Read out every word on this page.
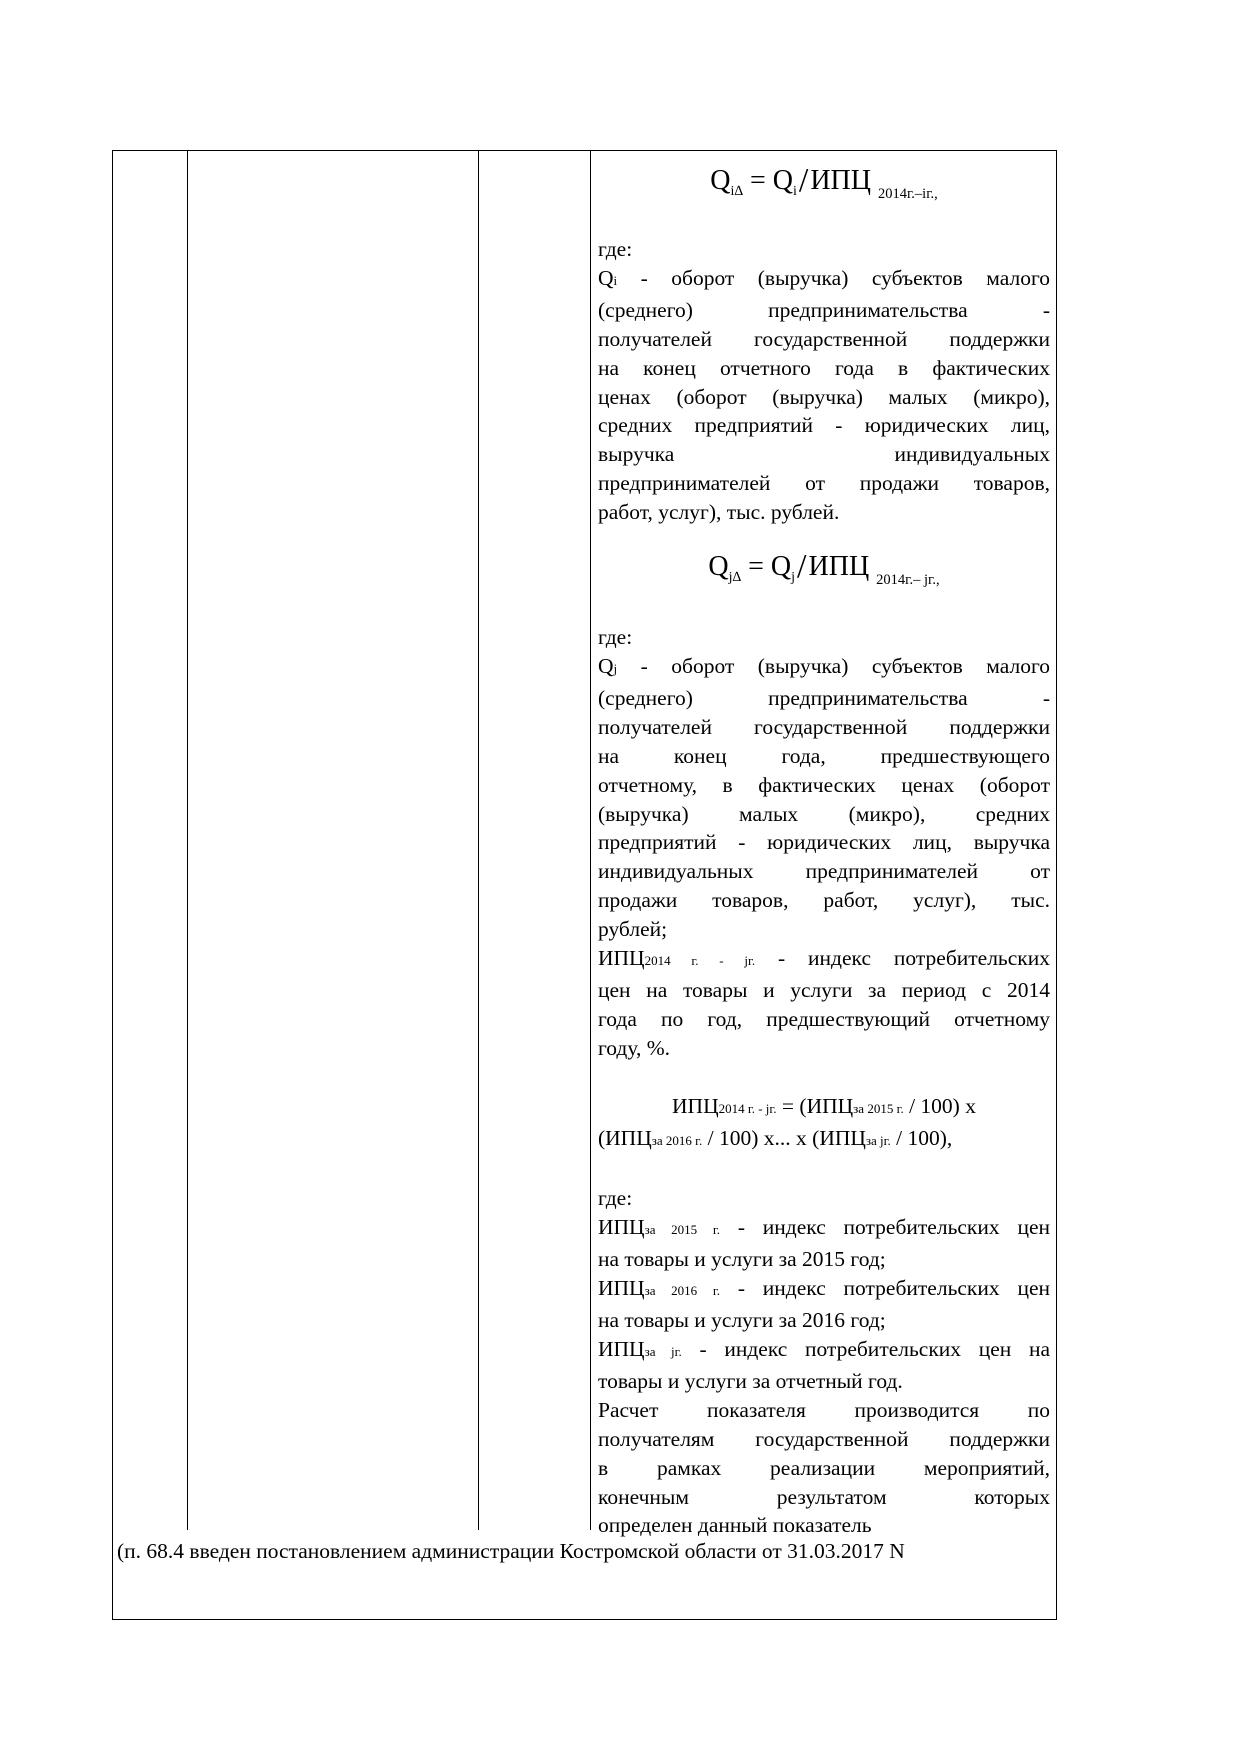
$Q_{i\Delta} = Q_i/ИПЦ$ $_{2014г.-iг.,}$
где:
Qi - оборот (выручка) субъектов малого
(среднего) предпринимательства -
получателей государственной поддержки
на конец отчетного года в фактических
ценах (оборот (выручка) малых (микро),
средних предприятий - юридических лиц,
выручка индивидуальных
предпринимателей от продажи товаров,
работ, услуг), тыс. рублей.
$Q_{j\Delta} = Q_j/ИПЦ$ $_{2014г.- jг.,}$
где:
Qj - оборот (выручка) субъектов малого
(среднего) предпринимательства -
получателей государственной поддержки
на конец года, предшествующего
отчетному, в фактических ценах (оборот
(выручка) малых (микро), средних
предприятий - юридических лиц, выручка
индивидуальных предпринимателей от
продажи товаров, работ, услуг), тыс.
рублей;
ИПЦ2014 г. - jг. - индекс потребительских
цен на товары и услуги за период с 2014
года по год, предшествующий отчетному
году, %.
ИПЦ2014 г. - jг. = (ИПЦза 2015 г. / 100) x
(ИПЦза 2016 г. / 100) x... x (ИПЦза jг. / 100),
где:
ИПЦза 2015 г. - индекс потребительских цен
на товары и услуги за 2015 год;
ИПЦза 2016 г. - индекс потребительских цен
на товары и услуги за 2016 год;
ИПЦза jг. - индекс потребительских цен на
товары и услуги за отчетный год.
Расчет показателя производится по
получателям государственной поддержки
в рамках реализации мероприятий,
конечным результатом которых
определен данный показатель
(п. 68.4 введен постановлением администрации Костромской области от 31.03.2017 N
